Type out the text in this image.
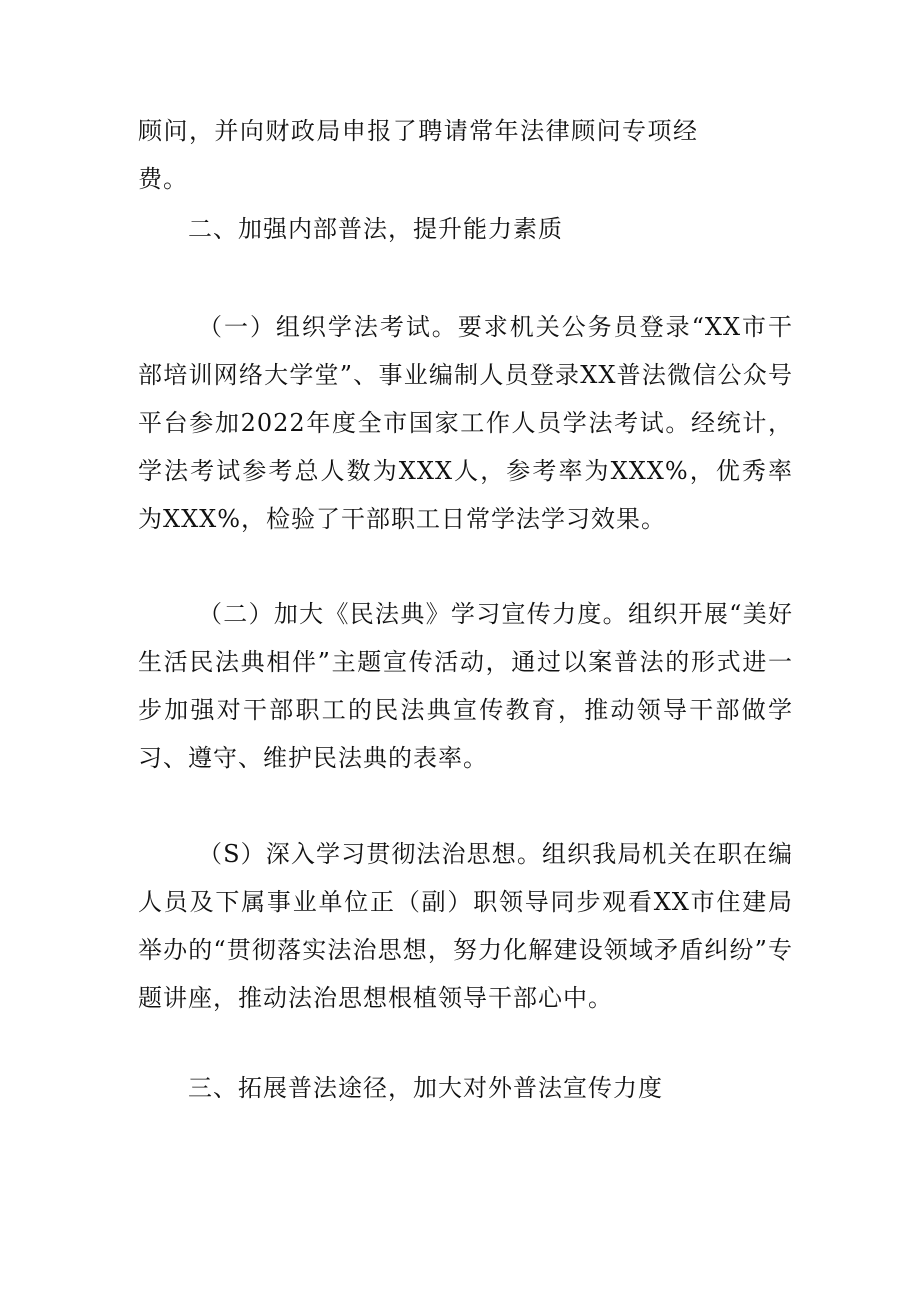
顾问，并向财政局申报了聘请常年法律顾问专项经费。
二、加强内部普法，提升能力素质
（一）组织学法考试。要求机关公务员登录“XX市干部培训网络大学堂”、事业编制人员登录XX普法微信公众号平台参加2022年度全市国家工作人员学法考试。经统计，学法考试参考总人数为XXX人，参考率为XXX%，优秀率为XXX%，检验了干部职工日常学法学习效果。
（二）加大《民法典》学习宣传力度。组织开展“美好生活民法典相伴”主题宣传活动，通过以案普法的形式进一步加强对干部职工的民法典宣传教育，推动领导干部做学习、遵守、维护民法典的表率。
（S）深入学习贯彻法治思想。组织我局机关在职在编人员及下属事业单位正（副）职领导同步观看XX市住建局举办的“贯彻落实法治思想，努力化解建设领域矛盾纠纷”专题讲座，推动法治思想根植领导干部心中。
三、拓展普法途径，加大对外普法宣传力度
